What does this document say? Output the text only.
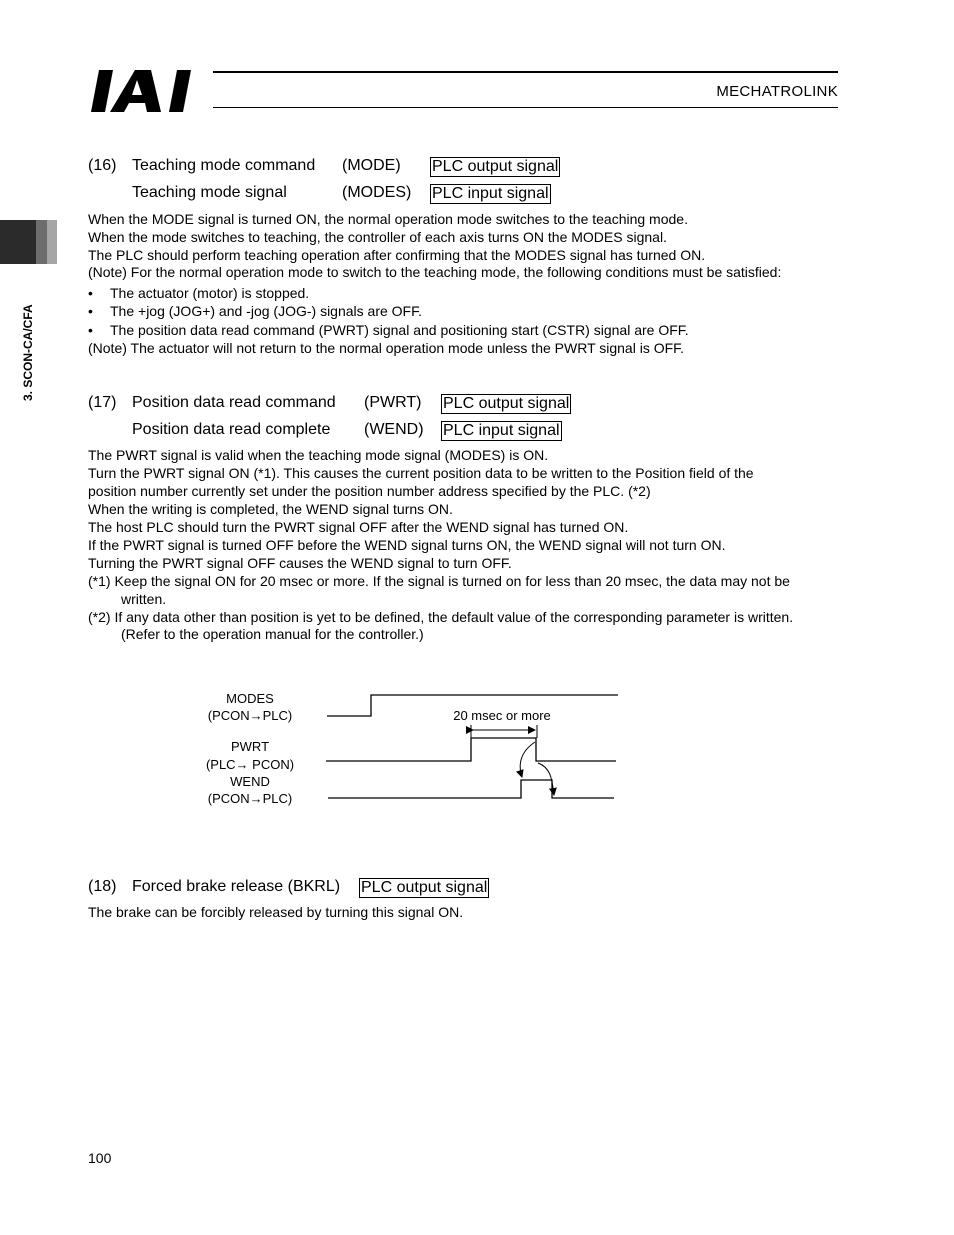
MECHATROLINK
3. SCON-CA/CFA
(16) Teaching mode command (MODE) PLC output signal
Teaching mode signal	(MODES) PLC input signal
When the MODE signal is turned ON, the normal operation mode switches to the teaching mode.
When the mode switches to teaching, the controller of each axis turns ON the MODES signal.
The PLC should perform teaching operation after confirming that the MODES signal has turned ON.
(Note) For the normal operation mode to switch to the teaching mode, the following conditions must be satisfied:
• The actuator (motor) is stopped.
• The +jog (JOG+) and -jog (JOG-) signals are OFF.
• The position data read command (PWRT) signal and positioning start (CSTR) signal are OFF.
(Note) The actuator will not return to the normal operation mode unless the PWRT signal is OFF.
(17) Position data read command (PWRT) PLC output signal
Position data read complete (WEND) PLC input signal
The PWRT signal is valid when the teaching mode signal (MODES) is ON.
Turn the PWRT signal ON (*1). This causes the current position data to be written to the Position field of the
position number currently set under the position number address specified by the PLC. (*2)
When the writing is completed, the WEND signal turns ON.
The host PLC should turn the PWRT signal OFF after the WEND signal has turned ON.
If the PWRT signal is turned OFF before the WEND signal turns ON, the WEND signal will not turn ON.
Turning the PWRT signal OFF causes the WEND signal to turn OFF.
(*1) Keep the signal ON for 20 msec or more. If the signal is turned on for less than 20 msec, the data may not be
written.
(*2) If any data other than position is yet to be defined, the default value of the corresponding parameter is written.
(Refer to the operation manual for the controller.)
MODES
(PCON→PLC)
PWRT
(PLC→ PCON)
WEND
(PCON→PLC)
20 msec or more
(18) Forced brake release (BKRL) PLC output signal
The brake can be forcibly released by turning this signal ON.
100
